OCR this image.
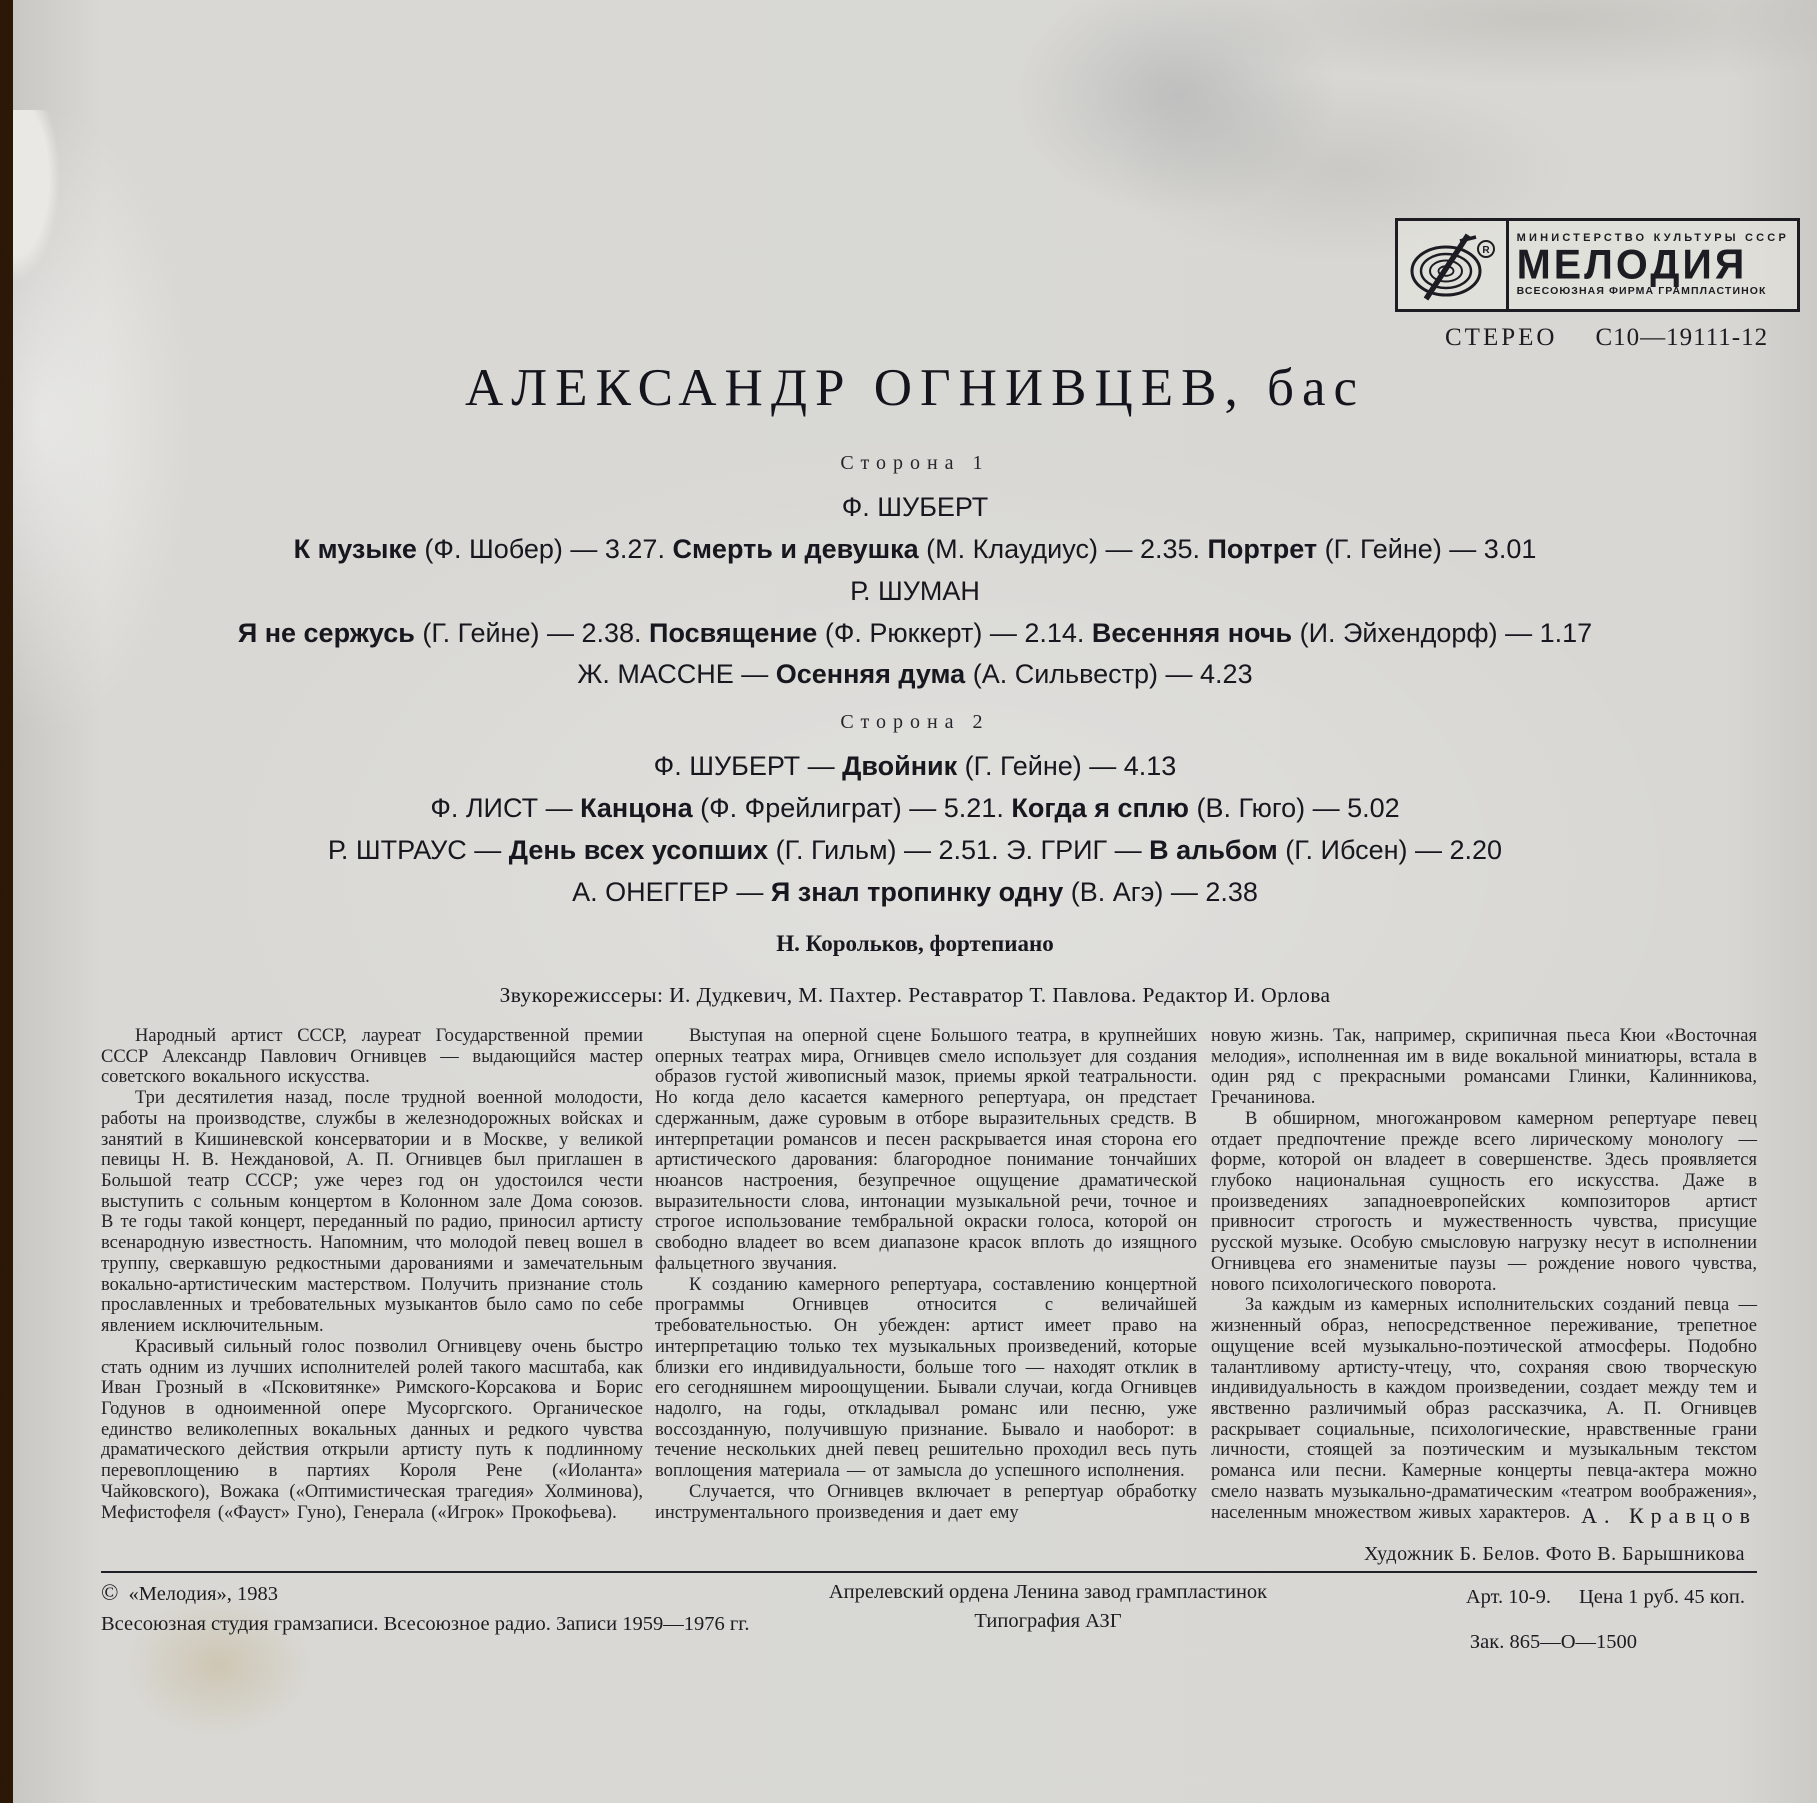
R
МИНИСТЕРСТВО КУЛЬТУРЫ СССР
МЕЛОДИЯ
ВСЕСОЮЗНАЯ ФИРМА ГРАМПЛАСТИНОК
СТЕРЕО С10—19111-12
АЛЕКСАНДР ОГНИВЦЕВ, бас
Сторона 1
Ф. ШУБЕРТ
К музыке (Ф. Шобер) — 3.27. Смерть и девушка (М. Клаудиус) — 2.35. Портрет (Г. Гейне) — 3.01
Р. ШУМАН
Я не сержусь (Г. Гейне) — 2.38. Посвящение (Ф. Рюккерт) — 2.14. Весенняя ночь (И. Эйхендорф) — 1.17
Ж. МАССНЕ — Осенняя дума (А. Сильвестр) — 4.23
Сторона 2
Ф. ШУБЕРТ — Двойник (Г. Гейне) — 4.13
Ф. ЛИСТ — Канцона (Ф. Фрейлиграт) — 5.21. Когда я сплю (В. Гюго) — 5.02
Р. ШТРАУС — День всех усопших (Г. Гильм) — 2.51. Э. ГРИГ — В альбом (Г. Ибсен) — 2.20
А. ОНЕГГЕР — Я знал тропинку одну (В. Агэ) — 2.38
Н. Корольков, фортепиано
Звукорежиссеры: И. Дудкевич, М. Пахтер. Реставратор Т. Павлова. Редактор И. Орлова

Народный артист СССР, лауреат Государственной премии СССР Александр Павлович Огнивцев — выдающийся мастер советского вокального искусства.

Три десятилетия назад, после трудной военной молодости, работы на производстве, службы в железнодорожных войсках и занятий в Кишиневской консерватории и в Москве, у великой певицы Н. В. Неждановой, А. П. Огнивцев был приглашен в Большой театр СССР; уже через год он удостоился чести выступить с сольным концертом в Колонном зале Дома союзов. В те годы такой концерт, переданный по радио, приносил артисту всенародную известность. Напомним, что молодой певец вошел в труппу, сверкавшую редкостными дарованиями и замечательным вокально-артистическим мастерством. Получить признание столь прославленных и требовательных музыкантов было само по себе явлением исключительным.

Красивый сильный голос позволил Огнивцеву очень быстро стать одним из лучших исполнителей ролей такого масштаба, как Иван Грозный в «Псковитянке» Римского-Корсакова и Борис Годунов в одноименной опере Мусоргского. Органическое единство великолепных вокальных данных и редкого чувства драматического действия открыли артисту путь к подлинному перевоплощению в партиях Короля Рене («Иоланта» Чайковского), Вожака («Оптимистическая трагедия» Холминова), Мефистофеля («Фауст» Гуно), Генерала («Игрок» Прокофьева).

Выступая на оперной сцене Большого театра, в крупнейших оперных театрах мира, Огнивцев смело использует для создания образов густой живописный мазок, приемы яркой театральности. Но когда дело касается камерного репертуара, он предстает сдержанным, даже суровым в отборе выразительных средств. В интерпретации романсов и песен раскрывается иная сторона его артистического дарования: благородное понимание тончайших нюансов настроения, безупречное ощущение драматической выразительности слова, интонации музыкальной речи, точное и строгое использование тембральной окраски голоса, которой он свободно владеет во всем диапазоне красок вплоть до изящного фальцетного звучания.

К созданию камерного репертуара, составлению концертной программы Огнивцев относится с величайшей требовательностью. Он убежден: артист имеет право на интерпретацию только тех музыкальных произведений, которые близки его индивидуальности, больше того — находят отклик в его сегодняшнем мироощущении. Бывали случаи, когда Огнивцев надолго, на годы, откладывал романс или песню, уже воссозданную, получившую признание. Бывало и наоборот: в течение нескольких дней певец решительно проходил весь путь воплощения материала — от замысла до успешного исполнения.

Случается, что Огнивцев включает в репертуар обработку инструментального произведения и дает ему

новую жизнь. Так, например, скрипичная пьеса Кюи «Восточная мелодия», исполненная им в виде вокальной миниатюры, встала в один ряд с прекрасными романсами Глинки, Калинникова, Гречанинова.

В обширном, многожанровом камерном репертуаре певец отдает предпочтение прежде всего лирическому монологу — форме, которой он владеет в совершенстве. Здесь проявляется глубоко национальная сущность его искусства. Даже в произведениях западноевропейских композиторов артист привносит строгость и мужественность чувства, присущие русской музыке. Особую смысловую нагрузку несут в исполнении Огнивцева его знаменитые паузы — рождение нового чувства, нового психологического поворота.

За каждым из камерных исполнительских созданий певца — жизненный образ, непосредственное переживание, трепетное ощущение всей музыкально-поэтической атмосферы. Подобно талантливому артисту-чтецу, что, сохраняя свою творческую индивидуальность в каждом произведении, создает между тем и явственно различимый образ рассказчика, А. П. Огнивцев раскрывает социальные, психологические, нравственные грани личности, стоящей за поэтическим и музыкальным текстом романса или песни. Камерные концерты певца-актера можно смело назвать музыкально-драматическим «театром воображения», населенным множеством живых характеров. А. Кравцов
Художник Б. Белов. Фото В. Барышникова
© «Мелодия», 1983
Всесоюзная студия грамзаписи. Всесоюзное радио. Записи 1959—1976 гг.
Апрелевский ордена Ленина завод грампластинок
Типография АЗГ
Арт. 10-9. Цена 1 руб. 45 коп.
Зак. 865—О—1500
